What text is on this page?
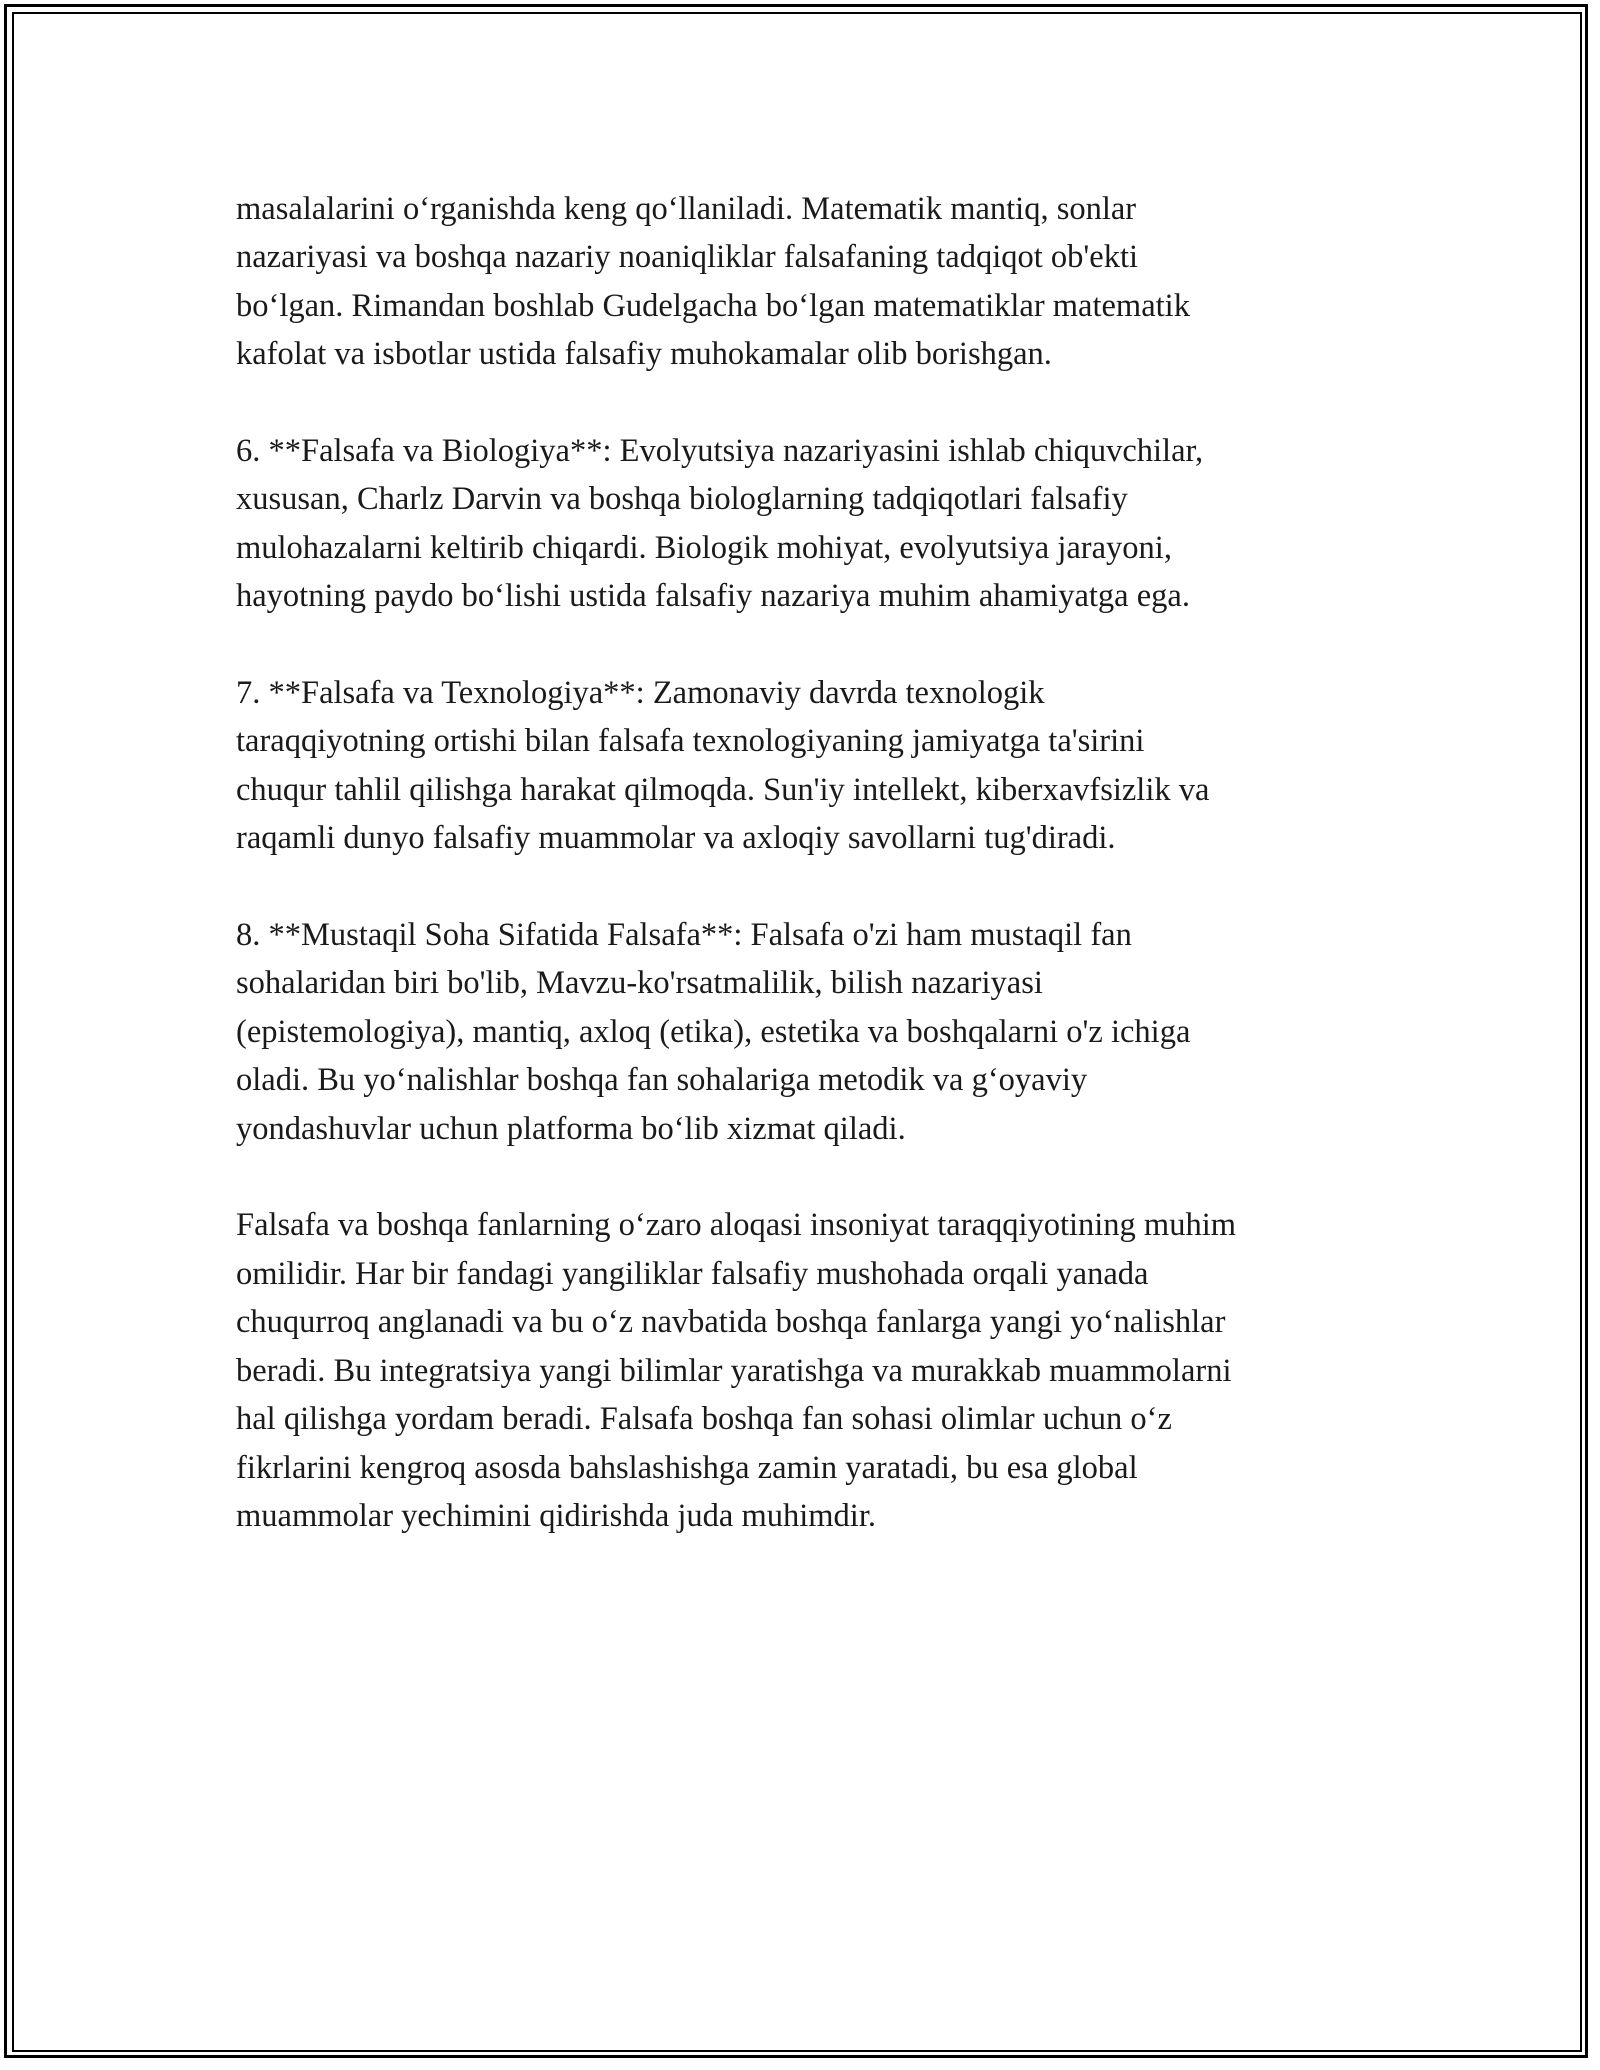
masalalarini oʻrganishda keng qoʻllaniladi. Matematik mantiq, sonlar
nazariyasi va boshqa nazariy noaniqliklar falsafaning tadqiqot ob'ekti
boʻlgan. Rimandan boshlab Gudelgacha boʻlgan matematiklar matematik
kafolat va isbotlar ustida falsafiy muhokamalar olib borishgan.

6. **Falsafa va Biologiya**: Evolyutsiya nazariyasini ishlab chiquvchilar,
xususan, Charlz Darvin va boshqa biologlarning tadqiqotlari falsafiy
mulohazalarni keltirib chiqardi. Biologik mohiyat, evolyutsiya jarayoni,
hayotning paydo boʻlishi ustida falsafiy nazariya muhim ahamiyatga ega.

7. **Falsafa va Texnologiya**: Zamonaviy davrda texnologik
taraqqiyotning ortishi bilan falsafa texnologiyaning jamiyatga ta'sirini
chuqur tahlil qilishga harakat qilmoqda. Sun'iy intellekt, kiberxavfsizlik va
raqamli dunyo falsafiy muammolar va axloqiy savollarni tug'diradi.

8. **Mustaqil Soha Sifatida Falsafa**: Falsafa o'zi ham mustaqil fan
sohalaridan biri bo'lib, Mavzu-ko'rsatmalilik, bilish nazariyasi
(epistemologiya), mantiq, axloq (etika), estetika va boshqalarni o'z ichiga
oladi. Bu yoʻnalishlar boshqa fan sohalariga metodik va gʻoyaviy
yondashuvlar uchun platforma boʻlib xizmat qiladi.

Falsafa va boshqa fanlarning oʻzaro aloqasi insoniyat taraqqiyotining muhim
omilidir. Har bir fandagi yangiliklar falsafiy mushohada orqali yanada
chuqurroq anglanadi va bu oʻz navbatida boshqa fanlarga yangi yoʻnalishlar
beradi. Bu integratsiya yangi bilimlar yaratishga va murakkab muammolarni
hal qilishga yordam beradi. Falsafa boshqa fan sohasi olimlar uchun oʻz
fikrlarini kengroq asosda bahslashishga zamin yaratadi, bu esa global
muammolar yechimini qidirishda juda muhimdir.
